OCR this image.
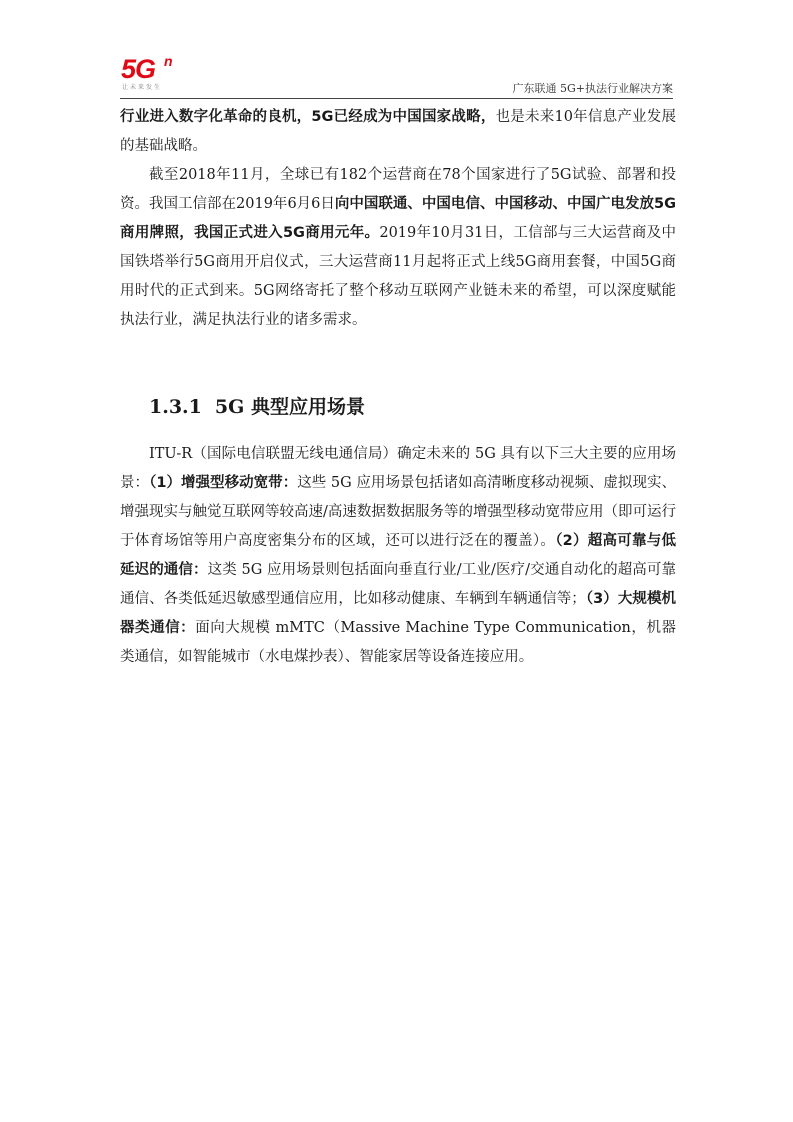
5G n
让未来发生	广东联通 5G+执法行业解决方案

行业进入数字化革命的良机，5G已经成为中国国家战略，也是未来10年信息产业发展的基础战略。

截至2018年11月，全球已有182个运营商在78个国家进行了5G试验、部署和投资。我国工信部在2019年6月6日向中国联通、中国电信、中国移动、中国广电发放5G商用牌照，我国正式进入5G商用元年。2019年10月31日，工信部与三大运营商及中国铁塔举行5G商用开启仪式，三大运营商11月起将正式上线5G商用套餐，中国5G商用时代的正式到来。5G网络寄托了整个移动互联网产业链未来的希望，可以深度赋能执法行业，满足执法行业的诸多需求。

1.3.1 5G 典型应用场景

ITU-R（国际电信联盟无线电通信局）确定未来的 5G 具有以下三大主要的应用场景：（1）增强型移动宽带：这些 5G 应用场景包括诸如高清晰度移动视频、虚拟现实、增强现实与触觉互联网等较高速/高速数据数据服务等的增强型移动宽带应用（即可运行于体育场馆等用户高度密集分布的区域，还可以进行泛在的覆盖）。（2）超高可靠与低延迟的通信：这类 5G 应用场景则包括面向垂直行业/工业/医疗/交通自动化的超高可靠通信、各类低延迟敏感型通信应用，比如移动健康、车辆到车辆通信等；（3）大规模机器类通信：面向大规模 mMTC（Massive Machine Type Communication，机器类通信，如智能城市（水电煤抄表）、智能家居等设备连接应用。
